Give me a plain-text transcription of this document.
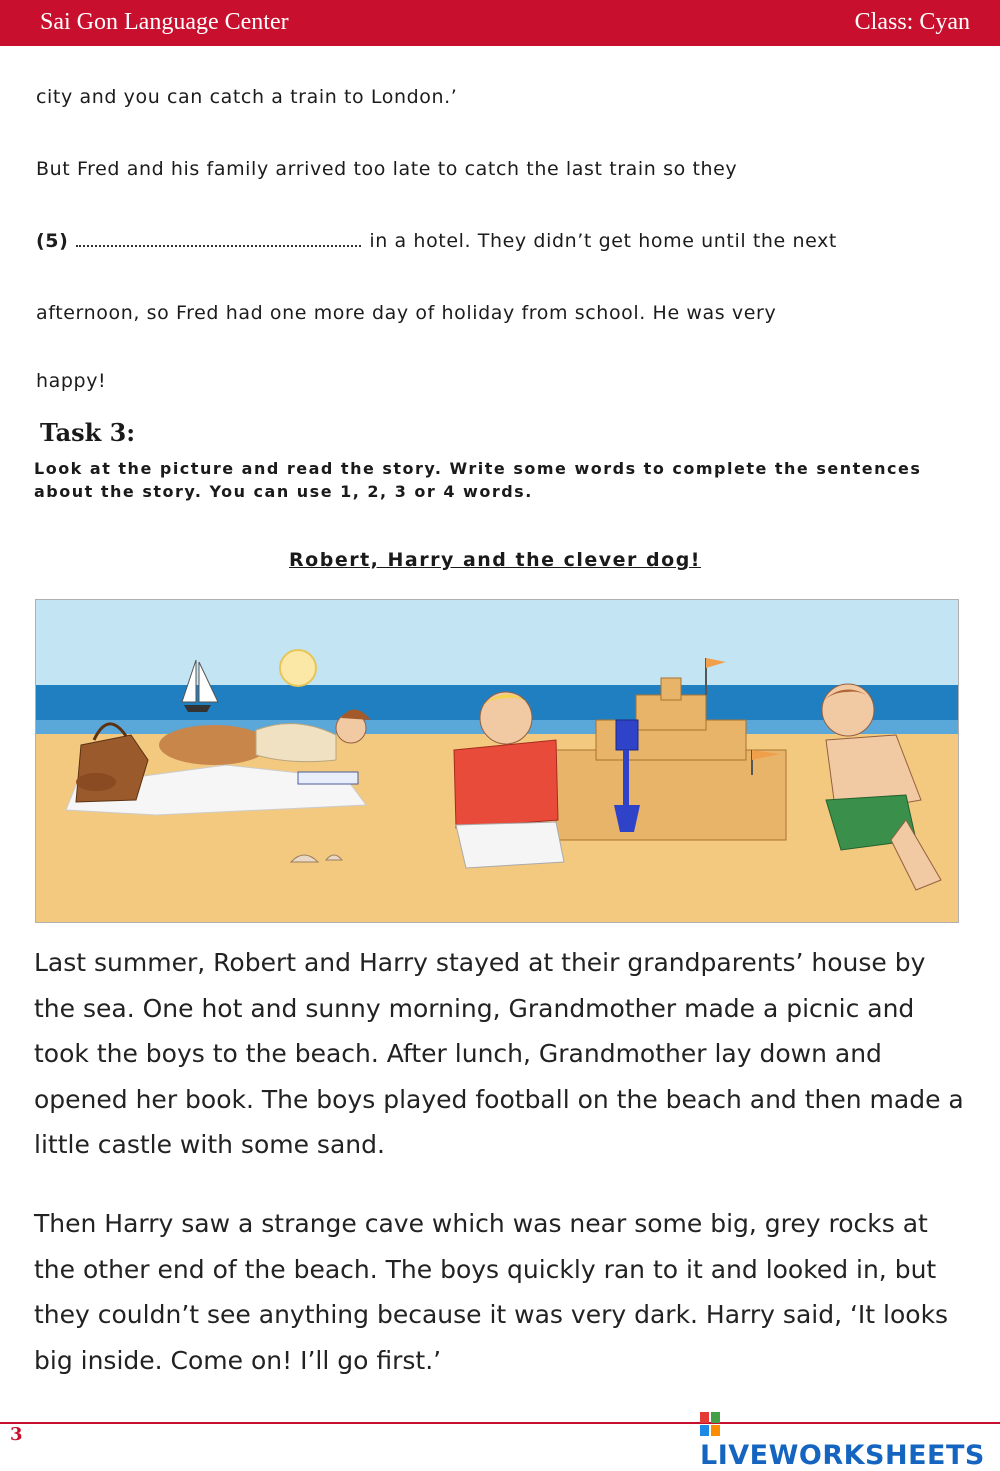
Sai Gon Language Center	Class: Cyan
city and you can catch a train to London.’
But Fred and his family arrived too late to catch the last train so they
(5)	in a hotel. They didn’t get home until the next
afternoon, so Fred had one more day of holiday from school. He was very
happy!
Task 3:
Look at the picture and read the story. Write some words to complete the sentences about the story. You can use 1, 2, 3 or 4 words.
Robert, Harry and the clever dog!
Last summer, Robert and Harry stayed at their grandparents’ house by the sea. One hot and sunny morning, Grandmother made a picnic and took the boys to the beach. After lunch, Grandmother lay down and opened her book. The boys played football on the beach and then made a little castle with some sand.
Then Harry saw a strange cave which was near some big, grey rocks at the other end of the beach. The boys quickly ran to it and looked in, but they couldn’t see anything because it was very dark. Harry said, ‘It looks big inside. Come on! I’ll go first.’
3
LIVEWORKSHEETS
